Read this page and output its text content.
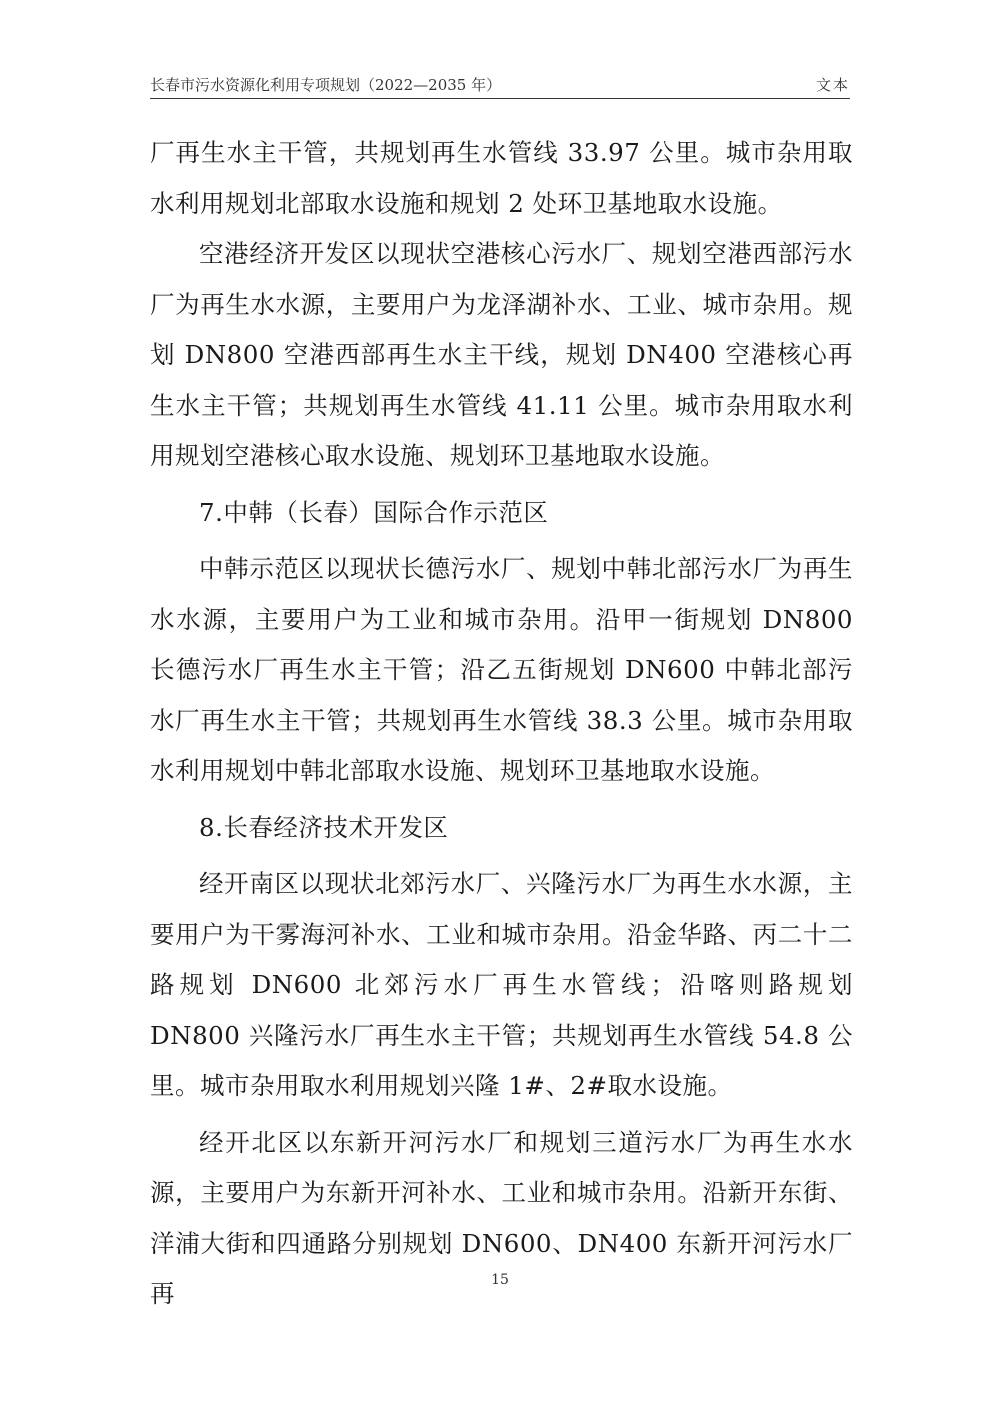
长春市污水资源化利用专项规划（2022—2035 年）	文本

厂再生水主干管，共规划再生水管线 33.97 公里。城市杂用取水利用规划北部取水设施和规划 2 处环卫基地取水设施。

空港经济开发区以现状空港核心污水厂、规划空港西部污水厂为再生水水源，主要用户为龙泽湖补水、工业、城市杂用。规划 DN800 空港西部再生水主干线，规划 DN400 空港核心再生水主干管；共规划再生水管线 41.11 公里。城市杂用取水利用规划空港核心取水设施、规划环卫基地取水设施。

7.中韩（长春）国际合作示范区

中韩示范区以现状长德污水厂、规划中韩北部污水厂为再生水水源，主要用户为工业和城市杂用。沿甲一街规划 DN800 长德污水厂再生水主干管；沿乙五街规划 DN600 中韩北部污水厂再生水主干管；共规划再生水管线 38.3 公里。城市杂用取水利用规划中韩北部取水设施、规划环卫基地取水设施。

8.长春经济技术开发区

经开南区以现状北郊污水厂、兴隆污水厂为再生水水源，主要用户为干雾海河补水、工业和城市杂用。沿金华路、丙二十二路规划 DN600 北郊污水厂再生水管线；沿喀则路规划 DN800 兴隆污水厂再生水主干管；共规划再生水管线 54.8 公里。城市杂用取水利用规划兴隆 1#、2#取水设施。

经开北区以东新开河污水厂和规划三道污水厂为再生水水源，主要用户为东新开河补水、工业和城市杂用。沿新开东街、洋浦大街和四通路分别规划 DN600、DN400 东新开河污水厂再	15
